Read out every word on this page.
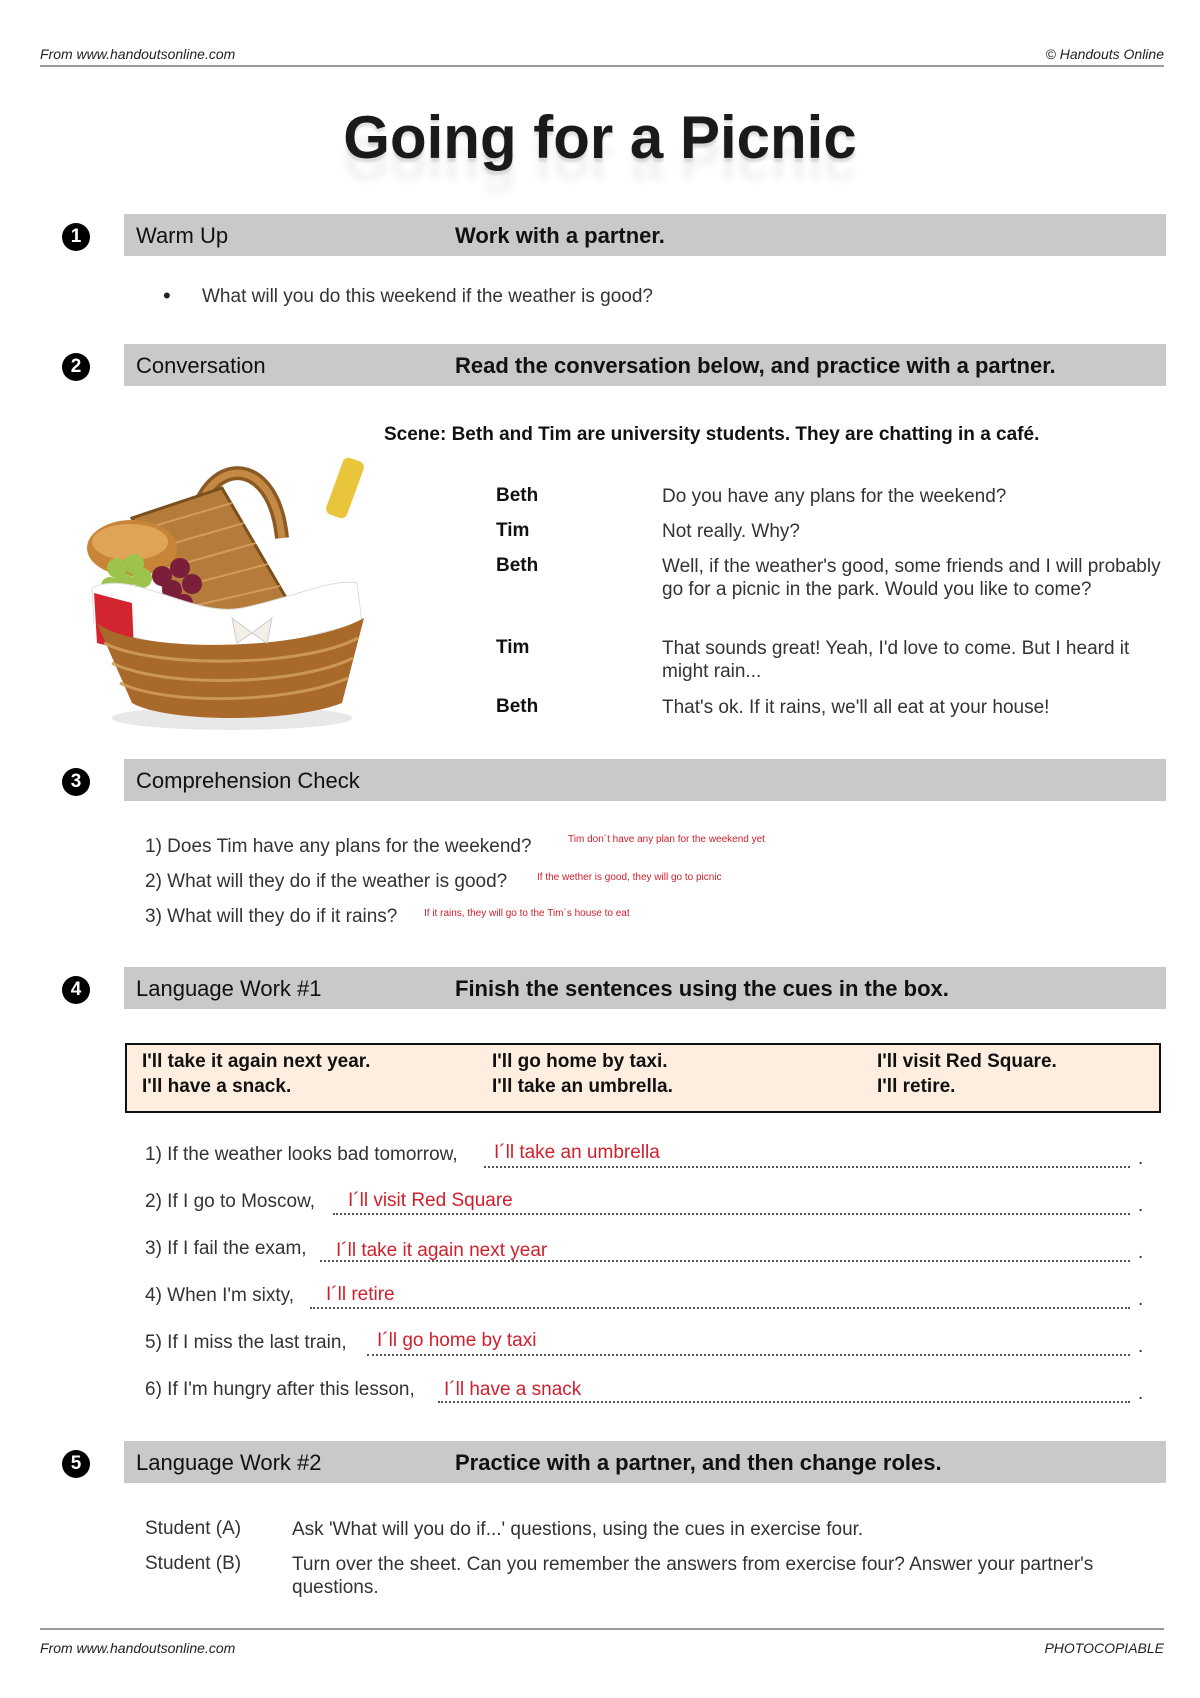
From www.handoutsonline.com	© Handouts Online
Going for a Picnic
1	Warm Up	Work with a partner.
• What will you do this weekend if the weather is good?
2	Conversation	Read the conversation below, and practice with a partner.
Scene: Beth and Tim are university students. They are chatting in a café.
Beth	Do you have any plans for the weekend?
Tim	Not really. Why?
Beth	Well, if the weather's good, some friends and I will probably go for a picnic in the park. Would you like to come?
Tim	That sounds great! Yeah, I'd love to come. But I heard it might rain...
Beth	That's ok. If it rains, we'll all eat at your house!
3	Comprehension Check
1) Does Tim have any plans for the weekend?	Tim don´t have any plan for the weekend yet
2) What will they do if the weather is good?	If the wether is good, they will go to picnic
3) What will they do if it rains?	If it rains, they will go to the Tim´s house to eat
4	Language Work #1	Finish the sentences using the cues in the box.
I'll take it again next year.	I'll go home by taxi.	I'll visit Red Square.
I'll have a snack.	I'll take an umbrella.	I'll retire.
1) If the weather looks bad tomorrow, I´ll take an umbrella	.
2) If I go to Moscow, I´ll visit Red Square	.
3) If I fail the exam, I´ll take it again next year	.
4) When I'm sixty, I´ll retire	.
5) If I miss the last train, I´ll go home by taxi	.
6) If I'm hungry after this lesson, I´ll have a snack	.
5	Language Work #2	Practice with a partner, and then change roles.
Student (A)	Ask 'What will you do if...' questions, using the cues in exercise four.
Student (B)	Turn over the sheet. Can you remember the answers from exercise four? Answer your partner's questions.
From www.handoutsonline.com	PHOTOCOPIABLE
